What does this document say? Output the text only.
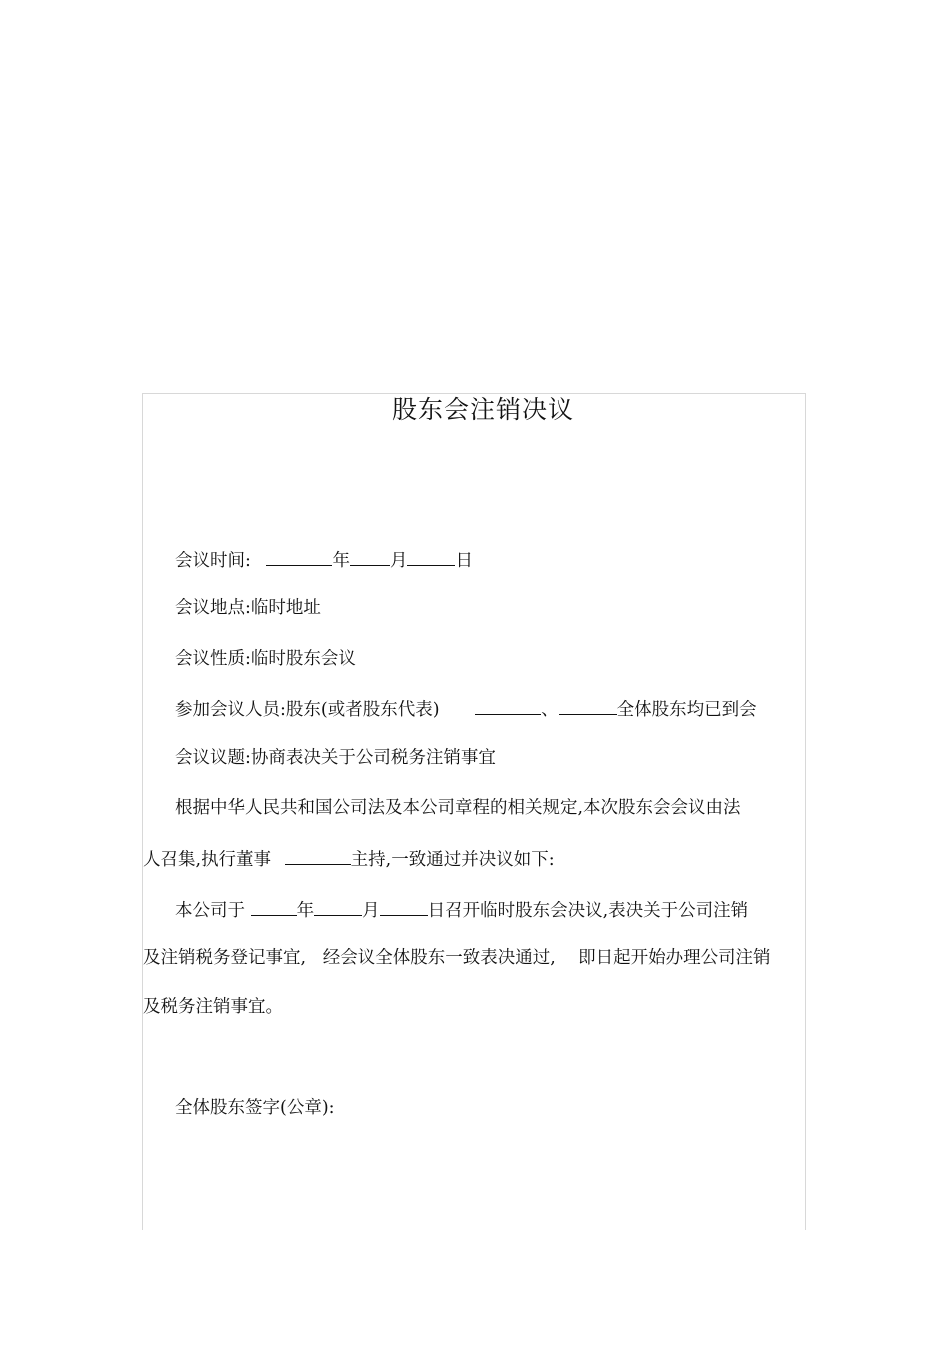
股东会注销决议
会议时间:	年 月	日
会议地点:临时地址
会议性质:临时股东会议
参加会议人员:股东(或者股东代表)	、	全体股东均已到会
会议议题:协商表决关于公司税务注销事宜
根据中华人民共和国公司法及本公司章程的相关规定,本次股东会会议由法
人召集,执行董事	主持,一致通过并决议如下:
本公司于	年	月	日召开临时股东会决议,表决关于公司注销
及注销税务登记事宜,   经会议全体股东一致表决通过,    即日起开始办理公司注销
及税务注销事宜。
全体股东签字(公章):
